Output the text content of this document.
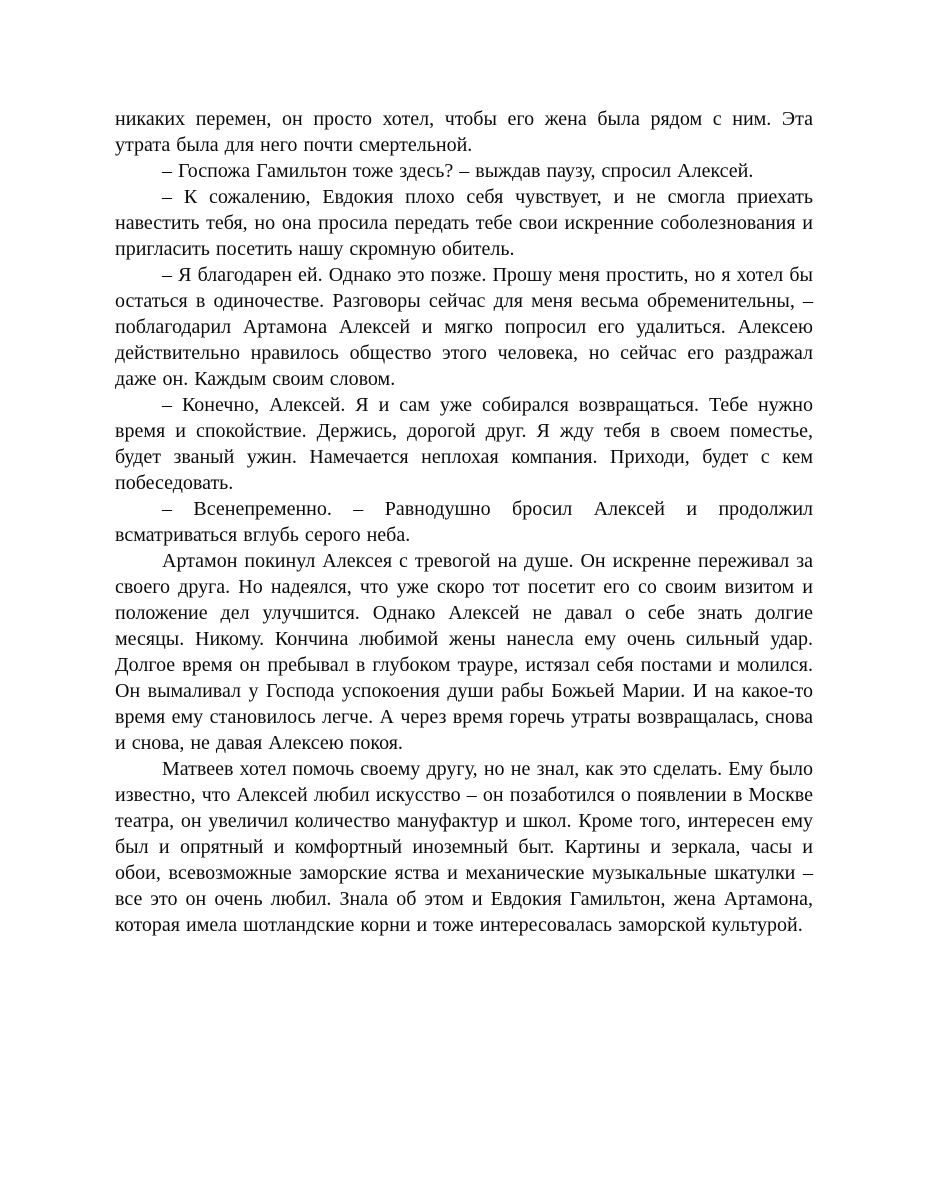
никаких перемен, он просто хотел, чтобы его жена была рядом с ним. Эта утрата была для него почти смертельной.

– Госпожа Гамильтон тоже здесь? – выждав паузу, спросил Алексей.

– К сожалению, Евдокия плохо себя чувствует, и не смогла приехать навестить тебя, но она просила передать тебе свои искренние соболезнования и пригласить посетить нашу скромную обитель.

– Я благодарен ей. Однако это позже. Прошу меня простить, но я хотел бы остаться в одиночестве. Разговоры сейчас для меня весьма обременительны, – поблагодарил Артамона Алексей и мягко попросил его удалиться. Алексею действительно нравилось общество этого человека, но сейчас его раздражал даже он. Каждым своим словом.

– Конечно, Алексей. Я и сам уже собирался возвращаться. Тебе нужно время и спокойствие. Держись, дорогой друг. Я жду тебя в своем поместье, будет званый ужин. Намечается неплохая компания. Приходи, будет с кем побеседовать.

– Всенепременно. – Равнодушно бросил Алексей и продолжил всматриваться вглубь серого неба.

Артамон покинул Алексея с тревогой на душе. Он искренне переживал за своего друга. Но надеялся, что уже скоро тот посетит его со своим визитом и положение дел улучшится. Однако Алексей не давал о себе знать долгие месяцы. Никому. Кончина любимой жены нанесла ему очень сильный удар. Долгое время он пребывал в глубоком трауре, истязал себя постами и молился. Он вымаливал у Господа успокоения души рабы Божьей Марии. И на какое-то время ему становилось легче. А через время горечь утраты возвращалась, снова и снова, не давая Алексею покоя.

Матвеев хотел помочь своему другу, но не знал, как это сделать. Ему было известно, что Алексей любил искусство – он позаботился о появлении в Москве театра, он увеличил количество мануфактур и школ. Кроме того, интересен ему был и опрятный и комфортный иноземный быт. Картины и зеркала, часы и обои, всевозможные заморские яства и механические музыкальные шкатулки – все это он очень любил. Знала об этом и Евдокия Гамильтон, жена Артамона, которая имела шотландские корни и тоже интересовалась заморской культурой.
